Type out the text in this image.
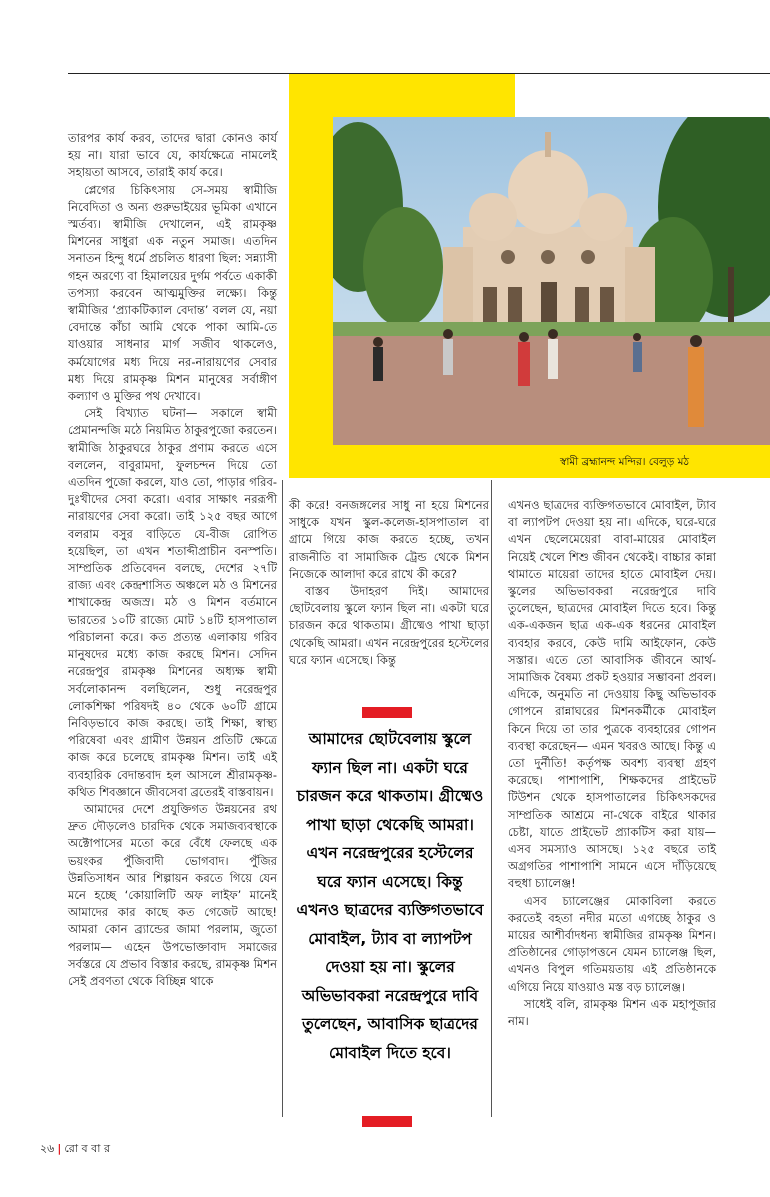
স্বামী ব্রহ্মানন্দ মন্দির। বেলুড় মঠ

তারপর কার্য করব, তাদের দ্বারা কোনও কার্য হয় না। যারা ভাবে যে, কার্যক্ষেত্রে নামলেই সহায়তা আসবে, তারাই কার্য করে।

প্লেগের চিকিৎসায় সে-সময় স্বামীজি নিবেদিতা ও অন্য গুরুভাইয়ের ভূমিকা এখানে স্মর্তব্য। স্বামীজি দেখালেন, এই রামকৃষ্ণ মিশনের সাধুরা এক নতুন সমাজ। এতদিন সনাতন হিন্দু ধর্মে প্রচলিত ধারণা ছিল: সন্ন্যাসী গহন অরণ্যে বা হিমালয়ের দুর্গম পর্বতে একাকী তপস্যা করবেন আত্মমুক্তির লক্ষ্যে। কিন্তু স্বামীজির ‘প্র্যাকটিক্যাল বেদান্ত’ বলল যে, নয়া বেদান্তে কাঁচা আমি থেকে পাকা আমি-তে যাওয়ার সাধনার মার্গ সজীব থাকলেও, কর্মযোগের মধ্য দিয়ে নর-নারায়ণের সেবার মধ্য দিয়ে রামকৃষ্ণ মিশন মানুষের সর্বাঙ্গীণ কল্যাণ ও মুক্তির পথ দেখাবে।

সেই বিখ্যাত ঘটনা— সকালে স্বামী প্রেমানন্দজি মঠে নিয়মিত ঠাকুরপুজো করতেন। স্বামীজি ঠাকুরঘরে ঠাকুর প্রণাম করতে এসে বললেন, বাবুরামদা, ফুলচন্দন দিয়ে তো এতদিন পুজো করলে, যাও তো, পাড়ার গরিব-দুঃখীদের সেবা করো। এবার সাক্ষাৎ নররূপী নারায়ণের সেবা করো। তাই ১২৫ বছর আগে বলরাম বসুর বাড়িতে যে-বীজ রোপিত হয়েছিল, তা এখন শতাব্দীপ্রাচীন বনস্পতি। সাম্প্রতিক প্রতিবেদন বলছে, দেশের ২৭টি রাজ্য এবং কেন্দ্রশাসিত অঞ্চলে মঠ ও মিশনের শাখাকেন্দ্র অজস্র। মঠ ও মিশন বর্তমানে ভারতের ১০টি রাজ্যে মোট ১৪টি হাসপাতাল পরিচালনা করে। কত প্রত্যন্ত এলাকায় গরিব মানুষদের মধ্যে কাজ করছে মিশন। সেদিন নরেন্দ্রপুর রামকৃষ্ণ মিশনের অধ্যক্ষ স্বামী সর্বলোকানন্দ বলছিলেন, শুধু নরেন্দ্রপুর লোকশিক্ষা পরিষদই ৪০ থেকে ৬০টি গ্রামে নিবিড়ভাবে কাজ করছে। তাই শিক্ষা, স্বাস্থ্য পরিষেবা এবং গ্রামীণ উন্নয়ন প্রতিটি ক্ষেত্রে কাজ করে চলেছে রামকৃষ্ণ মিশন। তাই এই ব্যবহারিক বেদান্তবাদ হল আসলে শ্রীরামকৃষ্ণ-কথিত শিবজ্ঞানে জীবসেবা ব্রতেরই বাস্তবায়ন।

আমাদের দেশে প্রযুক্তিগত উন্নয়নের রথ দ্রুত দৌড়লেও চারদিক থেকে সমাজব্যবস্থাকে অক্টোপাসের মতো করে বেঁধে ফেলছে এক ভয়ংকর পুঁজিবাদী ভোগবাদ। পুঁজির উন্নতিসাধন আর শিল্পায়ন করতে গিয়ে যেন মনে হচ্ছে ‘কোয়ালিটি অফ লাইফ’ মানেই আমাদের কার কাছে কত গেজেট আছে! আমরা কোন ব্র্যান্ডের জামা পরলাম, জুতো পরলাম— এহেন উপভোক্তাবাদ সমাজের সর্বস্তরে যে প্রভাব বিস্তার করছে, রামকৃষ্ণ মিশন সেই প্রবণতা থেকে বিচ্ছিন্ন থাকে

কী করে! বনজঙ্গলের সাধু না হয়ে মিশনের সাধুকে যখন স্কুল-কলেজ-হাসপাতাল বা গ্রামে গিয়ে কাজ করতে হচ্ছে, তখন রাজনীতি বা সামাজিক ট্রেন্ড থেকে মিশন নিজেকে আলাদা করে রাখে কী করে?

বাস্তব উদাহরণ দিই। আমাদের ছোটবেলায় স্কুলে ফ্যান ছিল না। একটা ঘরে চারজন করে থাকতাম। গ্রীষ্মেও পাখা ছাড়া থেকেছি আমরা। এখন নরেন্দ্রপুরের হস্টেলের ঘরে ফ্যান এসেছে। কিন্তু

আমাদের ছোটবেলায় স্কুলে ফ্যান ছিল না। একটা ঘরে চারজন করে থাকতাম। গ্রীষ্মেও পাখা ছাড়া থেকেছি আমরা। এখন নরেন্দ্রপুরের হস্টেলের ঘরে ফ্যান এসেছে। কিন্তু এখনও ছাত্রদের ব্যক্তিগতভাবে মোবাইল, ট্যাব বা ল্যাপটপ দেওয়া হয় না। স্কুলের অভিভাবকরা নরেন্দ্রপুরে দাবি তুলেছেন, আবাসিক ছাত্রদের মোবাইল দিতে হবে।

এখনও ছাত্রদের ব্যক্তিগতভাবে মোবাইল, ট্যাব বা ল্যাপটপ দেওয়া হয় না। এদিকে, ঘরে-ঘরে এখন ছেলেমেয়েরা বাবা-মায়ের মোবাইল নিয়েই খেলে শিশু জীবন থেকেই। বাচ্চার কান্না থামাতে মায়েরা তাদের হাতে মোবাইল দেয়। স্কুলের অভিভাবকরা নরেন্দ্রপুরে দাবি তুলেছেন, ছাত্রদের মোবাইল দিতে হবে। কিন্তু এক-একজন ছাত্র এক-এক ধরনের মোবাইল ব্যবহার করবে, কেউ দামি আইফোন, কেউ সস্তার। এতে তো আবাসিক জীবনে আর্থ-সামাজিক বৈষম্য প্রকট হওয়ার সম্ভাবনা প্রবল। এদিকে, অনুমতি না দেওয়ায় কিছু অভিভাবক গোপনে রান্নাঘরের মিশনকর্মীকে মোবাইল কিনে দিয়ে তা তার পুত্রকে ব্যবহারের গোপন ব্যবস্থা করেছেন— এমন খবরও আছে। কিন্তু এ তো দুর্নীতি! কর্তৃপক্ষ অবশ্য ব্যবস্থা গ্রহণ করেছে। পাশাপাশি, শিক্ষকদের প্রাইভেট টিউশন থেকে হাসপাতালের চিকিৎসকদের সাম্প্রতিক আশ্রমে না-থেকে বাইরে থাকার চেষ্টা, যাতে প্রাইভেট প্র্যাকটিস করা যায়— এসব সমস্যাও আসছে। ১২৫ বছরে তাই অগ্রগতির পাশাপাশি সামনে এসে দাঁড়িয়েছে বহুধা চ্যালেঞ্জ!

এসব চ্যালেঞ্জের মোকাবিলা করতে করতেই বহতা নদীর মতো এগচ্ছে ঠাকুর ও মায়ের আশীর্বাদধন্য স্বামীজির রামকৃষ্ণ মিশন। প্রতিষ্ঠানের গোড়াপত্তনে যেমন চ্যালেঞ্জ ছিল, এখনও বিপুল গতিময়তায় এই প্রতিষ্ঠানকে এগিয়ে নিয়ে যাওয়াও মস্ত বড় চ্যালেঞ্জ।

সাধেই বলি, রামকৃষ্ণ মিশন এক মহাপূজার নাম।

২৬ | রো ব বা র
